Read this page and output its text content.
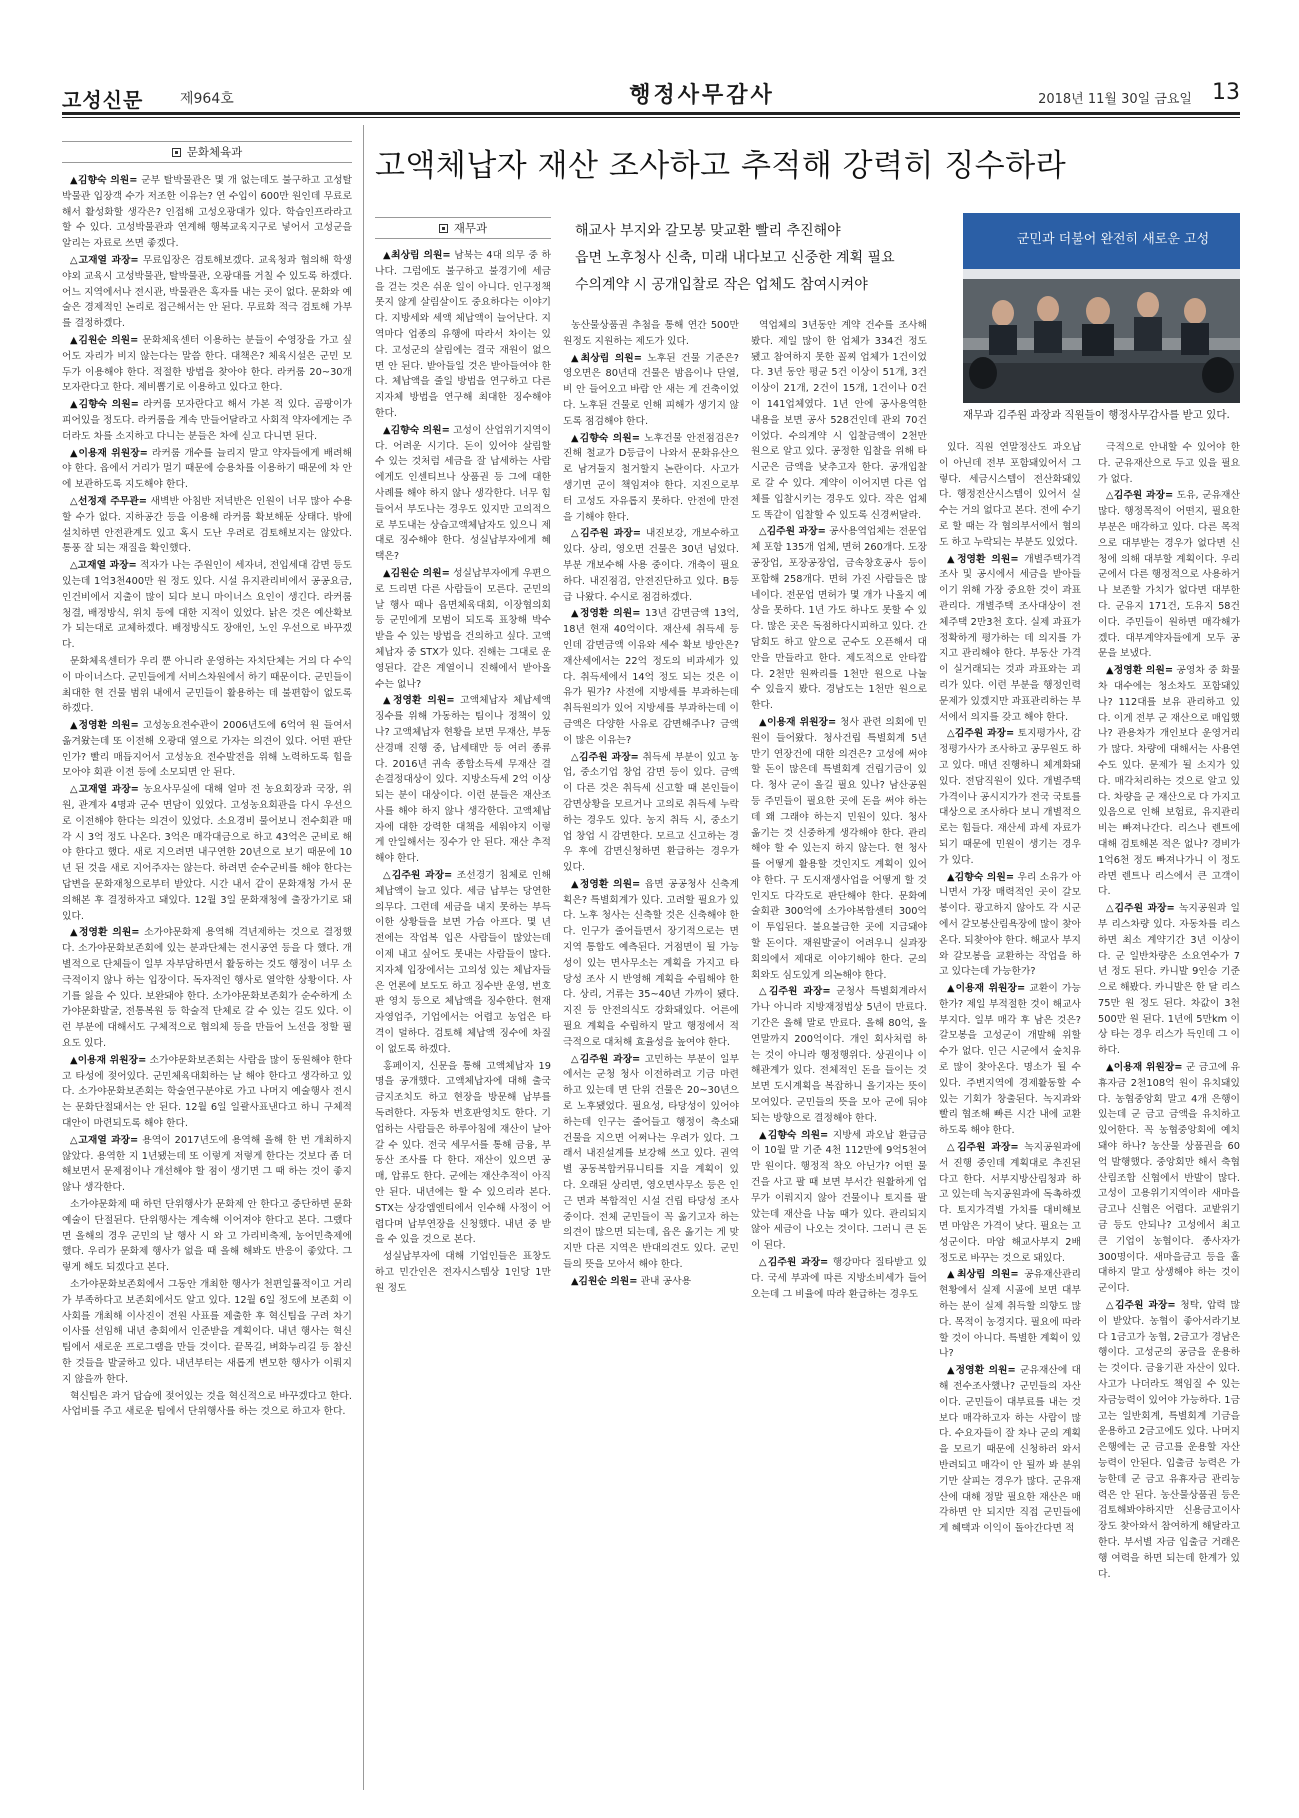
고성신문	제964호	행정사무감사	2018년 11월 30일 금요일 13
문화체육과

▲김향숙 의원= 군부 탈박물관은 몇 개 없는데도 불구하고 고성탈박물관 입장객 수가 저조한 이유는? 연 수입이 600만 원인데 무료로 해서 활성화할 생각은? 인접해 고성오광대가 있다. 학습인프라라고 할 수 있다. 고성박물관과 연계해 행복교육지구로 넣어서 고성군을 알리는 자료로 쓰면 좋겠다.

△고재열 과장= 무료입장은 검토해보겠다. 교육청과 협의해 학생 야외 교육시 고성박물관, 탈박물관, 오광대를 거칠 수 있도록 하겠다. 어느 지역에서나 전시관, 박물관은 흑자를 내는 곳이 없다. 문화와 예술은 경제적인 논리로 접근해서는 안 된다. 무료화 적극 검토해 가부를 결정하겠다.

▲김원순 의원= 문화체육센터 이용하는 분들이 수영장을 가고 싶어도 자리가 비지 않는다는 말씀 한다. 대책은? 체육시설은 군민 모두가 이용해야 한다. 적절한 방법을 찾아야 한다. 라커룸 20~30개 모자란다고 한다. 제비뽑기로 이용하고 있다고 한다.

▲김향숙 의원= 라커룸 모자란다고 해서 가본 적 있다. 곰팡이가 피어있을 정도다. 라커룸을 계속 만들어달라고 사회적 약자에게는 주더라도 차를 소지하고 다니는 분들은 차에 싣고 다니면 된다.

▲이용재 위원장= 라커룸 개수를 늘리지 말고 약자들에게 배려해야 한다. 읍에서 거리가 멀기 때문에 승용차를 이용하기 때문에 차 안에 보관하도록 지도해야 한다.

△선정재 주무관= 새벽반 아침반 저녁반은 인원이 너무 많아 수용할 수가 없다. 지하공간 등을 이용해 라커룸 확보해둔 상태다. 밖에 설치하면 안전관계도 있고 혹시 도난 우려로 검토해보지는 않았다. 통풍 잘 되는 재질을 확인했다.

△고재열 과장= 적자가 나는 주원인이 세자녀, 전입세대 감면 등도 있는데 1억3천400만 원 정도 있다. 시설 유지관리비에서 공공요금, 인건비에서 지출이 많이 되다 보니 마이너스 요인이 생긴다. 라커룸 청결, 배정방식, 위치 등에 대한 지적이 있었다. 낡은 것은 예산확보가 되는대로 교체하겠다. 배정방식도 장애인, 노인 우선으로 바꾸겠다.

문화체육센터가 우리 뿐 아니라 운영하는 자치단체는 거의 다 수익이 마이너스다. 군민들에게 서비스차원에서 하기 때문이다. 군민들이 최대한 현 건물 범위 내에서 군민들이 활용하는 데 불편함이 없도록 하겠다.

▲정영환 의원= 고성농요전수관이 2006년도에 6억여 원 들여서 옮겨왔는데 또 이전해 오광대 옆으로 가자는 의견이 있다. 어떤 판단인가? 빨리 매듭지어서 고성농요 전수발전을 위해 노력하도록 힘을 모아야 회관 이전 등에 소모되면 안 된다.

△고재열 과장= 농요사무실에 대해 얼마 전 농요회장과 국장, 위원, 관계자 4명과 군수 면담이 있었다. 고성농요회관을 다시 우선으로 이전해야 한다는 의견이 있었다. 소요경비 물어보니 전수회관 매각 시 3억 정도 나온다. 3억은 매각대금으로 하고 43억은 군비로 해야 한다고 했다. 새로 지으려면 내구연한 20년으로 보기 때문에 10년 된 것을 새로 지어주자는 않는다. 하려면 순수군비를 해야 한다는 답변을 문화재청으로부터 받았다. 시간 내서 같이 문화재청 가서 문의해본 후 결정하자고 돼있다. 12월 3일 문화재청에 출장가기로 돼있다.

▲정영환 의원= 소가야문화제 용역해 격년제하는 것으로 결정했다. 소가야문화보존회에 있는 분과단체는 전시공연 등을 다 했다. 개별적으로 단체들이 일부 자부담하면서 활동하는 것도 행정이 너무 소극적이지 않나 하는 입장이다. 독자적인 행사로 열악한 상황이다. 사기를 잃을 수 있다. 보완돼야 한다. 소가야문화보존회가 순수하게 소가야문화발굴, 전통복원 등 학술적 단체로 갈 수 있는 길도 있다. 이런 부분에 대해서도 구체적으로 협의체 등을 만들어 노선을 정할 필요도 있다.

▲이용재 위원장= 소가야문화보존회는 사람을 많이 동원해야 한다고 타성에 젖어있다. 군민체육대회하는 날 해야 한다고 생각하고 있다. 소가야문화보존회는 학술연구분야로 가고 나머지 예술행사 전시는 문화단절돼서는 안 된다. 12월 6일 일괄사표낸다고 하니 구체적 대안이 마련되도록 해야 한다.

△고재열 과장= 용역이 2017년도에 용역해 올해 한 번 개최하지 않았다. 용역한 지 1년됐는데 또 이렇게 저렇게 한다는 것보다 좀 더 해보면서 문제점이나 개선해야 할 점이 생기면 그 때 하는 것이 좋지 않나 생각한다.

소가야문화제 때 하던 단위행사가 문화제 안 한다고 중단하면 문화예술이 단절된다. 단위행사는 계속해 이어져야 한다고 본다. 그랬다면 올해의 경우 군민의 날 행사 시 와 고 가리비축제, 농어민축제에 했다. 우리가 문화제 행사가 없을 때 올해 해봐도 반응이 좋았다. 그렇게 해도 되겠다고 본다.

소가야문화보존회에서 그동안 개최한 행사가 천편일률적이고 거리가 부족하다고 보존회에서도 알고 있다. 12월 6일 정도에 보존회 이사회를 개최해 이사진이 전원 사표를 제출한 후 혁신팀을 구려 차기 이사를 선임해 내년 총회에서 인준받을 계획이다. 내년 행사는 혁신팀에서 새로운 프로그램을 만들 것이다. 끝목길, 벼화누리길 등 참신한 것들을 발굴하고 있다. 내년부터는 새롭게 변모한 행사가 이뤄지지 않을까 한다.

혁신팀은 과거 답습에 젖어있는 것을 혁신적으로 바꾸겠다고 한다. 사업비를 주고 새로운 팀에서 단위행사를 하는 것으로 하고자 한다.

고액체납자 재산 조사하고 추적해 강력히 징수하라
재무과	해교사 부지와 갈모봉 맞교환 빨리 추진해야
읍면 노후청사 신축, 미래 내다보고 신중한 계획 필요
수의계약 시 공개입찰로 작은 업체도 참여시켜야
군민과 더불어 완전히 새로운 고성
재무과 김주원 과장과 직원들이 행정사무감사를 받고 있다.

▲최상림 의원= 남북는 4대 의무 중 하나다. 그럼에도 불구하고 불경기에 세금을 걷는 것은 쉬운 일이 아니다. 인구정책 못지 않게 살림살이도 중요하다는 이야기다. 지방세와 세액 체납액이 늘어난다. 지역마다 업종의 유행에 따라서 차이는 있다. 고성군의 살림에는 결국 재원이 없으면 안 된다. 받아들일 것은 받아들여야 한다. 체납액을 줄일 방법을 연구하고 다른 지자체 방법을 연구해 최대한 징수해야 한다.

▲김향숙 의원= 고성이 산업위기지역이다. 어려운 시기다. 돈이 있어야 살림할 수 있는 것처럼 세금을 잘 납세하는 사람에게도 인센티브나 상품권 등 그에 대한 사례를 해야 하지 않나 생각한다. 너무 힘들어서 부도나는 경우도 있지만 고의적으로 부도내는 상습고액체납자도 있으니 제대로 징수해야 한다. 성실납부자에게 혜택은?

▲김원순 의원= 성실납부자에게 우편으로 드리면 다른 사람들이 모른다. 군민의 날 행사 때나 읍면체육대회, 이장협의회 등 군민에게 모범이 되도록 표창해 박수 받을 수 있는 방법을 건의하고 싶다. 고액체납자 중 STX가 있다. 진해는 그대로 운영된다. 같은 계열이니 진해에서 받아올 수는 없나?

▲정영환 의원= 고액체납자 체납세액 징수를 위해 가동하는 팀이나 정책이 있나? 고액체납자 현황을 보면 무재산, 부동산경매 진행 중, 납세태만 등 여러 종류다. 2016년 귀속 종합소득세 무재산 결손결정대상이 있다. 지방소득세 2억 이상 되는 분이 대상이다. 이런 분들은 재산조사를 해야 하지 않나 생각한다. 고액체납자에 대한 강력한 대책을 세워야지 이렇게 안일해서는 징수가 안 된다. 재산 추적해야 한다.

△김주원 과장= 조선경기 침체로 인해 체납액이 늘고 있다. 세금 납부는 당연한 의무다. 그런데 세금을 내지 못하는 부득이한 상황들을 보면 가슴 아프다. 몇 년 전에는 작업복 입은 사람들이 많았는데 이제 내고 싶어도 못내는 사람들이 많다. 지자체 입장에서는 고의성 있는 체납자들은 언론에 보도도 하고 징수반 운영, 번호판 영치 등으로 체납액을 징수한다. 현재 자영업주, 기업에서는 어렵고 농업은 타격이 덜하다. 검토해 체납액 징수에 차질이 없도록 하겠다.

홍페이지, 신문을 통해 고액체납자 19명을 공개했다. 고액체납자에 대해 출국금지조치도 하고 현장을 방문해 납부를 독려한다. 자동차 번호판영치도 한다. 기업하는 사람들은 하루아침에 재산이 날아갈 수 있다. 전국 세무서를 통해 금융, 부동산 조사를 다 한다. 재산이 있으면 공매, 압류도 한다. 군에는 재산추적이 아직 안 된다. 내년에는 할 수 있으리라 본다. STX는 상강엠엔티에서 인수해 사정이 어렵다며 납부연장을 신청했다. 내년 중 받을 수 있을 것으로 본다.

성실납부자에 대해 기업인들은 표창도 하고 민간인은 전자시스템상 1인당 1만 원 정도

농산물상품권 추첨을 통해 연간 500만 원정도 지원하는 제도가 있다.

▲최상림 의원= 노후된 건물 기준은? 영오면은 80년대 건물은 밤음이나 단열, 비 안 들어오고 바람 안 새는 게 건축이었다. 노후된 건물로 인해 피해가 생기지 않도록 점검해야 한다.

▲김향숙 의원= 노후건물 안전점검은? 진해 철교가 D등급이 나와서 문화유산으로 남겨둘지 철거할지 논란이다. 사고가 생기면 군이 책임져야 한다. 지진으로부터 고성도 자유롭지 못하다. 안전에 만전을 기해야 한다.

△김주원 과장= 내진보강, 개보수하고 있다. 상리, 영오면 건물은 30년 넘었다. 부분 개보수해 사용 중이다. 개축이 필요하다. 내진점검, 안전진단하고 있다. B등급 나왔다. 수시로 점검하겠다.

▲정영환 의원= 13년 감면금액 13억, 18년 현재 40억이다. 재산세 취득세 등인데 감면금액 이유와 세수 확보 방안은? 재산세에서는 22억 정도의 비과세가 있다. 취득세에서 14억 정도 되는 것은 이유가 뭔가? 사전에 지방세를 부과하는데 취득원의가 있어 지방세를 부과하는데 이 금액은 다양한 사유로 감면해주나? 금액이 많은 이유는?

△김주원 과장= 취득세 부분이 있고 농업, 중소기업 창업 감면 등이 있다. 금액이 다른 것은 취득세 신고할 때 본인들이 감면상황을 모르거나 고의로 취득세 누락하는 경우도 있다. 농지 취득 시, 중소기업 창업 시 감면한다. 모르고 신고하는 경우 후에 감면신청하면 환급하는 경우가 있다.

▲정영환 의원= 읍면 공공청사 신축계획은? 특별회계가 있다. 고려할 필요가 있다. 노후 청사는 신축할 것은 신축해야 한다. 인구가 줄어들면서 장기적으로는 면지역 통합도 예측된다. 거점면이 될 가능성이 있는 면사무소는 계획을 가지고 타당성 조사 시 반영해 계획을 수립해야 한다. 상리, 거류는 35~40년 가까이 됐다. 지진 등 안전의식도 강화돼있다. 어른에 필요 계획을 수립하지 말고 행정에서 적극적으로 대처해 효율성을 높여야 한다.

△김주원 과장= 고민하는 부분이 일부에서는 군청 청사 이전하려고 기금 마련하고 있는데 면 단위 건물은 20~30년으로 노후됐었다. 필요성, 타당성이 있어야 하는데 인구는 줄어들고 행정이 축소돼 건물을 지으면 어쩌나는 우려가 있다. 그래서 내진설계를 보강해 쓰고 있다. 권역별 공동복합커뮤니티를 지을 계획이 있다. 오래된 상리면, 영오면사무소 등은 인근 면과 복합적인 시설 건립 타당성 조사 중이다. 전체 군민들이 꼭 옮기고자 하는 의견이 많으면 되는데, 읍은 옮기는 게 맞지만 다른 지역은 반대의견도 있다. 군민들의 뜻을 모아서 해야 한다.

▲김원순 의원= 관내 공사용

역업체의 3년동안 계약 건수를 조사해봤다. 제일 많이 한 업체가 334건 정도 됐고 참여하지 못한 꼴찌 업체가 1건이었다. 3년 동안 평균 5건 이상이 51개, 3건 이상이 21개, 2건이 15개, 1건이나 0건이 141업체였다. 1년 안에 공사용역한 내용을 보면 공사 528건인데 관외 70건이었다. 수의계약 시 입찰금액이 2천만 원으로 알고 있다. 공정한 입찰을 위해 타 시군은 금액을 낮추고자 한다. 공개입찰로 갈 수 있다. 계약이 이어지면 다른 업체를 입찰시키는 경우도 있다. 작은 업체도 똑같이 입찰할 수 있도록 신경써달라.

△김주원 과장= 공사용역업체는 전문업체 포함 135개 업체, 면허 260개다. 도장공장업, 포장공장업, 금속창호공사 등이 포함해 258개다. 면허 가진 사람들은 많네이다. 전문업 면허가 몇 개가 나올지 예상을 못하다. 1년 가도 하나도 못할 수 있다. 많은 곳은 독점하다시피하고 있다. 간담회도 하고 앞으로 군수도 오픈해서 대안을 만들라고 한다. 제도적으로 안타깝다. 2천만 원짜리를 1천만 원으로 나눌 수 있을지 봤다. 경남도는 1천만 원으로 한다.

▲이용재 위원장= 청사 관련 의회에 민원이 들어왔다. 청사건립 특별회계 5년 만기 연장건에 대한 의견은? 고성에 써야할 돈이 많은데 특별회계 건립기금이 있다. 청사 군이 올길 필요 있나? 남산공원 등 주민들이 필요한 곳에 돈을 써야 하는데 왜 그래야 하는지 민원이 있다. 청사 옮기는 것 신중하게 생각해야 한다. 관리해야 할 수 있는지 하지 않는다. 현 청사를 어떻게 활용할 것인지도 계획이 있어야 한다. 구 도시재생사업을 어떻게 할 것인지도 다각도로 판단해야 한다. 문화예술회관 300억에 소가야복합센터 300억이 투입된다. 불요불급한 곳에 지급돼야 할 돈이다. 재원발굴이 어려우니 실과장 회의에서 제대로 이야기해야 한다. 군의회와도 심도있게 의논해야 한다.

△김주원 과장= 군청사 특별회계라서 가나 아니라 지방재정법상 5년이 만료다. 기간은 올해 말로 만료다. 올해 80억, 올 연말까지 200억이다. 개인 회사처럼 하는 것이 아니라 행정행위다. 상권이나 이해관계가 있다. 전체적인 돈을 들이는 것 보면 도시계획을 복잡하니 올기자는 뜻이 모여있다. 군민들의 뜻을 모아 군에 둬야 되는 방향으로 결정해야 한다.

▲김향숙 의원= 지방세 과오납 환급금이 10월 말 기준 4천 112만에 9억5천여만 원이다. 행정적 착오 아닌가? 어떤 물건을 사고 팔 때 보면 부서간 원활하게 업무가 이뤄지지 않아 건물이나 토지를 팔았는데 재산을 나눔 때가 있다. 관리되지 않아 세금이 나오는 것이다. 그러니 큰 돈이 된다.

△김주원 과장= 행강마다 질타받고 있다. 국세 부과에 따른 지방소비세가 들어오는데 그 비율에 따라 환급하는 경우도

있다. 직원 연말정산도 과오납이 아닌데 전부 포함돼있어서 그렇다. 세금시스템이 전산화돼있다. 행정전산시스템이 있어서 실수는 거의 없다고 본다. 전에 수기로 할 때는 각 협의부서에서 협의도 하고 누락되는 부분도 있었다.

▲정영환 의원= 개별주택가격조사 및 공시에서 세금을 받아들이기 위해 가장 중요한 것이 과표 관리다. 개별주택 조사대상이 전체주택 2만3천 호다. 실제 과표가 정확하게 평가하는 데 의지를 가지고 관리해야 한다. 부동산 가격이 실거래되는 것과 과표와는 괴리가 있다. 이런 부분을 행정인력 문제가 있겠지만 과표관리하는 부서에서 의지를 갖고 해야 한다.

△김주원 과장= 토지평가사, 감정평가사가 조사하고 공무원도 하고 있다. 매년 진행하니 체계화돼있다. 전담직원이 있다. 개별주택가격이나 공시지가가 전국 국토를 대상으로 조사하다 보니 개별적으로는 힘들다. 재산세 과세 자료가 되기 때문에 민원이 생기는 경우가 있다.

▲김향숙 의원= 우리 소유가 아니면서 가장 매력적인 곳이 갈모봉이다. 광고하지 않아도 각 시군에서 갈모봉산림욕장에 많이 찾아온다. 되찾아야 한다. 해교사 부지와 갈모봉을 교환하는 작업을 하고 있다는데 가능한가?

▲이용재 위원장= 교환이 가능한가? 제일 부적절한 것이 해교사부지다. 일부 매각 후 남은 것은? 갈모봉을 고성군이 개발해 위할 수가 없다. 인근 시군에서 숲치유로 많이 찾아온다. 명소가 될 수 있다. 주변지역에 경제활동할 수 있는 기회가 창출된다. 녹지과와 빨리 협조해 빠른 시간 내에 교환하도록 해야 한다.

△김주원 과장= 녹지공원과에서 진행 중인데 계획대로 추진된다고 한다. 서부지방산림청과 하고 있는데 녹지공원과에 독촉하겠다. 토지가격별 가치를 대비해보면 마암은 가격이 낮다. 필요는 고성군이다. 마암 해교사부지 2배 정도로 바꾸는 것으로 돼있다.

▲최상림 의원= 공유재산관리현황에서 실제 시골에 보면 대부하는 분이 실제 취득할 의향도 많다. 목적이 농경지다. 필요에 따라 할 것이 아니다. 특별한 계획이 있나?

▲정영환 의원= 군유재산에 대해 전수조사했나? 군민들의 자산이다. 군민들이 대부료를 내는 것보다 매각하고자 하는 사람이 많다. 수요자들이 잘 차나 군의 계획을 모르기 때문에 신청하러 와서 반려되고 매각이 안 될까 봐 분위기만 살피는 경우가 많다. 군유재산에 대해 정말 필요한 재산은 매각하면 안 되지만 직접 군민들에게 혜택과 이익이 돌아간다면 적

극적으로 안내할 수 있어야 한다. 군유재산으로 두고 있을 필요가 없다.

△김주원 과장= 도유, 군유재산 많다. 행정목적이 어떤지, 필요한 부분은 매각하고 있다. 다른 목적으로 대부받는 경우가 없다면 신청에 의해 대부할 계획이다. 우리 군에서 다른 행정적으로 사용하거나 보존할 가치가 없다면 대부한다. 군유지 171건, 도유지 58건이다. 주민들이 원하면 매각해가겠다. 대부계약자들에게 모두 공문을 보냈다.

▲정영환 의원= 공영차 중 화물차 대수에는 청소차도 포함돼있나? 112대를 보유 관리하고 있다. 이게 전부 군 재산으로 매입했나? 관용차가 개인보다 운영거리가 많다. 차량에 대해서는 사용연수도 있다. 문제가 될 소지가 있다. 매각처리하는 것으로 알고 있다. 차량을 군 재산으로 다 가지고 있음으로 인해 보험료, 유지관리비는 빠져나간다. 리스나 렌트에 대해 검토해본 적은 없나? 경비가 1억6천 정도 빠져나가니 이 정도라면 렌트나 리스에서 큰 고객이다.

△김주원 과장= 녹지공원과 일부 리스차량 있다. 자동차를 리스하면 최소 계약기간 3년 이상이다. 군 일반차량은 소요연수가 7년 정도 된다. 카니발 9인승 기준으로 해봤다. 카니발은 한 달 리스 75만 원 정도 된다. 차값이 3천500만 원 된다. 1년에 5만km 이상 타는 경우 리스가 득인데 그 이하다.

▲이용재 위원장= 군 금고에 유휴자금 2천108억 원이 유치돼있다. 농협중앙회 말고 4개 은행이 있는데 군 금고 금액을 유치하고 있어한다. 꼭 농협중앙회에 예치돼야 하나? 농산물 상품권을 60억 발행했다. 중앙회만 해서 축협 산림조합 신협에서 반발이 많다. 고성이 고용위기지역이라 새마을금고나 신협은 어렵다. 교밭위기금 등도 안되나? 고성에서 최고 큰 기업이 농협이다. 종사자가 300명이다. 새마을금고 등을 홀대하지 말고 상생해야 하는 것이 군이다.

△김주원 과장= 청탁, 압력 많이 받았다. 농협이 좋아서라기보다 1금고가 농협, 2금고가 경남은행이다. 고성군의 공금을 운용하는 것이다. 금융기관 자산이 있다. 사고가 나더라도 책임질 수 있는 자금능력이 있어야 가능하다. 1금고는 일반회계, 특별회계 기금을 운용하고 2금고에도 있다. 나머지 은행에는 군 금고를 운용할 자산능력이 안된다. 입출금 능력은 가능한데 군 금고 유휴자금 관리능력은 안 된다. 농산물상품권 등은 검토해봐야하지만 신용금고이사장도 찾아와서 참여하게 해달라고 한다. 부서별 자금 입출금 거래은행 여력을 하면 되는데 한계가 있다.
